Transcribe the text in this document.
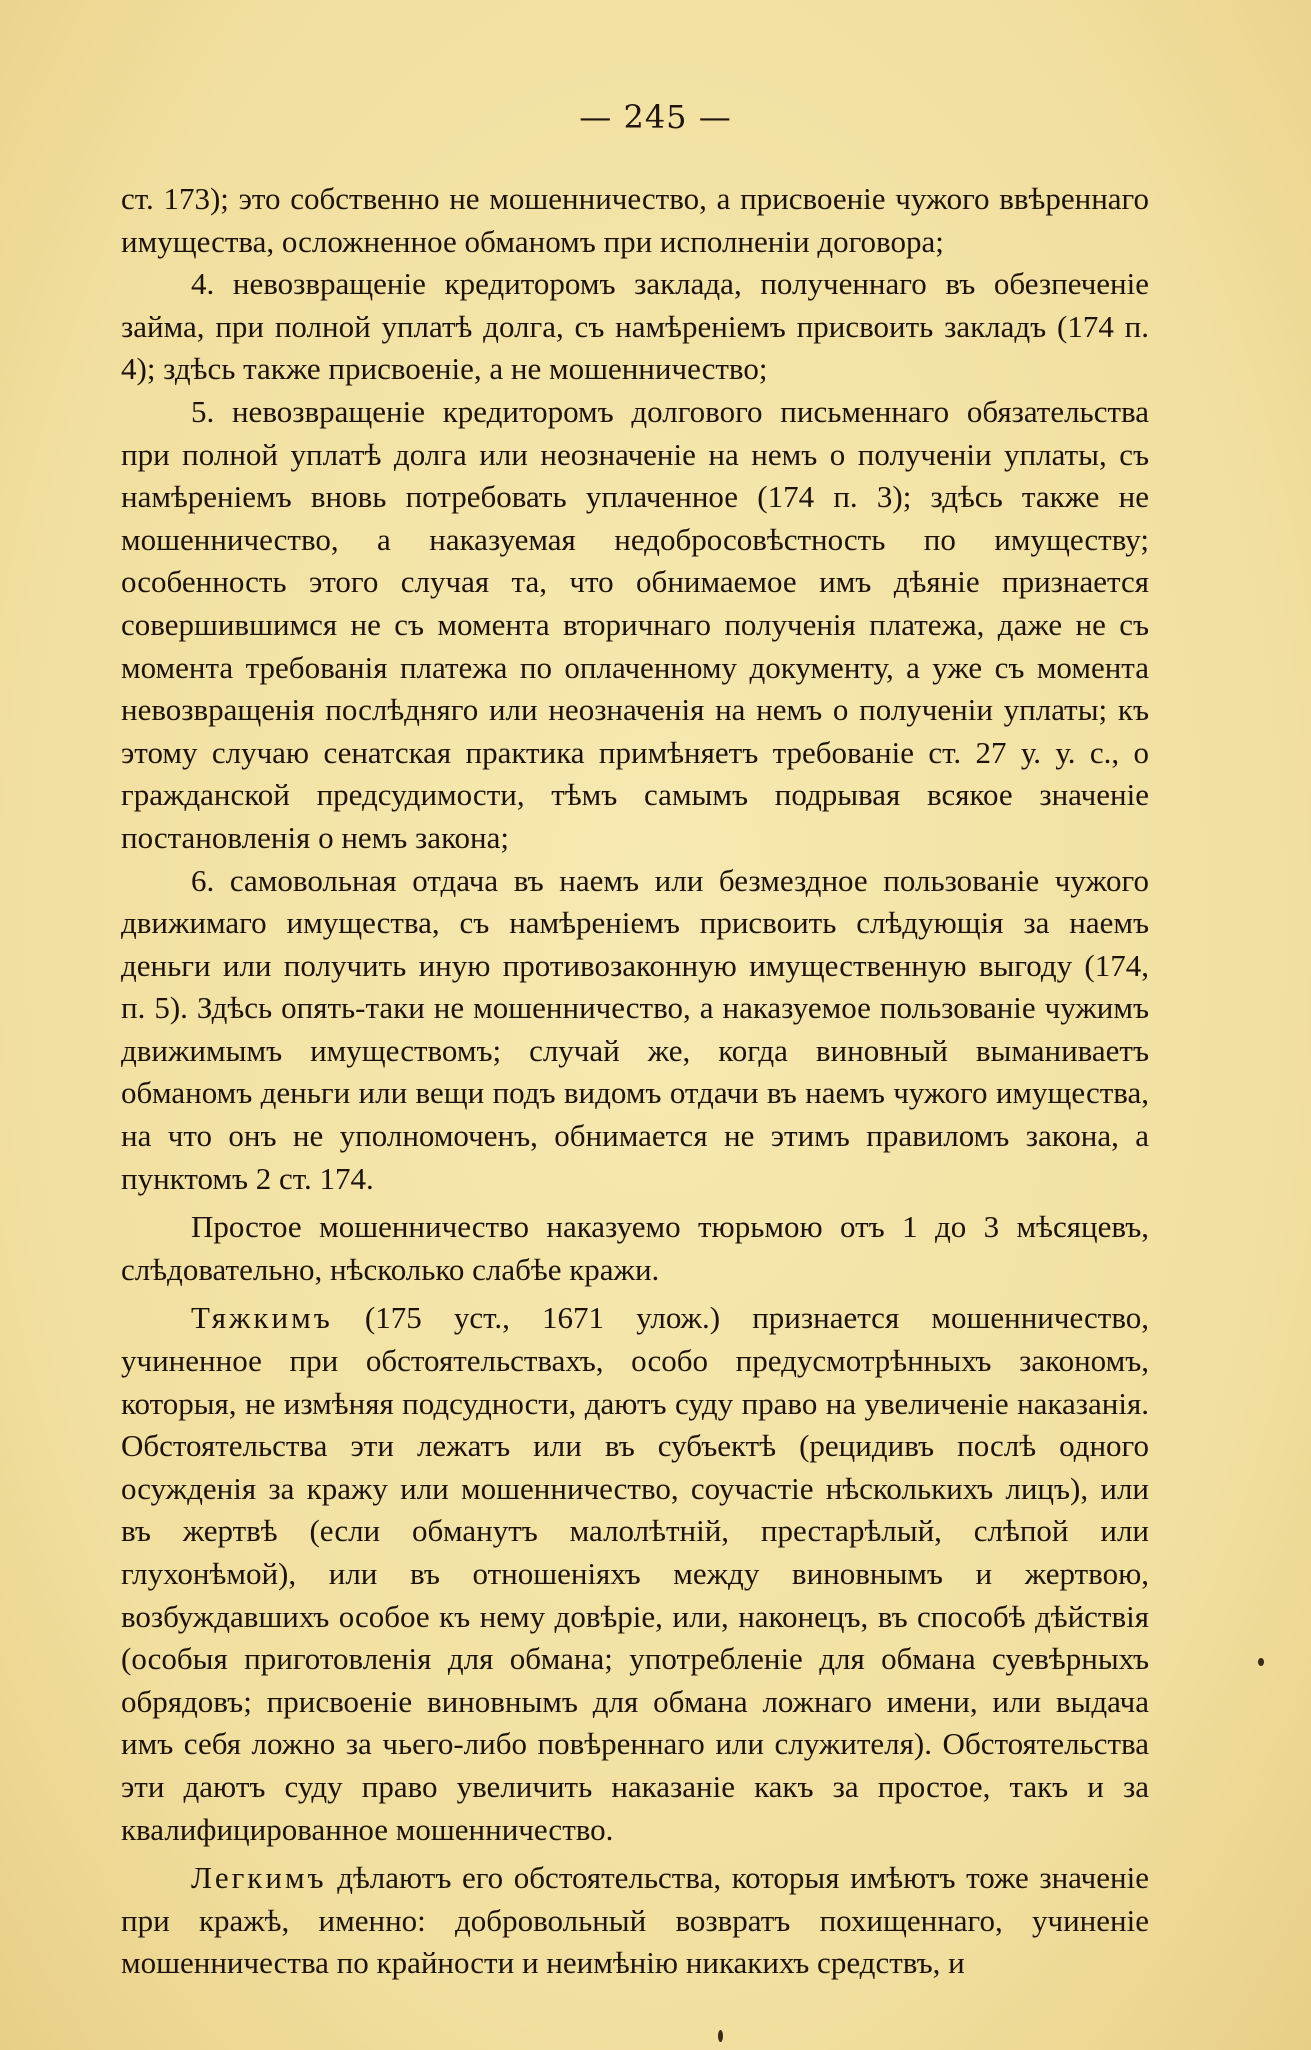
— 245 —

ст. 173); это собственно не мошенничество, а присвоеніе чужого ввѣреннаго имущества, осложненное обманомъ при исполненіи договора;

4. невозвращеніе кредиторомъ заклада, полученнаго въ обезпеченіе займа, при полной уплатѣ долга, съ намѣреніемъ присвоить закладъ (174 п. 4); здѣсь также присвоеніе, а не мошенничество;

5. невозвращеніе кредиторомъ долгового письменнаго обязательства при полной уплатѣ долга или неозначеніе на немъ о полученіи уплаты, съ намѣреніемъ вновь потребовать уплаченное (174 п. 3); здѣсь также не мошенничество, а наказуемая недобросовѣстность по имуществу; особенность этого случая та, что обнимаемое имъ дѣяніе признается совершившимся не съ момента вторичнаго полученія платежа, даже не съ момента требованія платежа по оплаченному документу, а уже съ момента невозвращенія послѣдняго или неозначенія на немъ о полученіи уплаты; къ этому случаю сенатская практика примѣняетъ требованіе ст. 27 у. у. с., о гражданской предсудимости, тѣмъ самымъ подрывая всякое значеніе постановленія о немъ закона;

6. самовольная отдача въ наемъ или безмездное пользованіе чужого движимаго имущества, съ намѣреніемъ присвоить слѣдующія за наемъ деньги или получить иную противозаконную имущественную выгоду (174, п. 5). Здѣсь опять-таки не мошенничество, а наказуемое пользованіе чужимъ движимымъ имуществомъ; случай же, когда виновный выманиваетъ обманомъ деньги или вещи подъ видомъ отдачи въ наемъ чужого имущества, на что онъ не уполномоченъ, обнимается не этимъ правиломъ закона, а пунктомъ 2 ст. 174.

Простое мошенничество наказуемо тюрьмою отъ 1 до 3 мѣсяцевъ, слѣдовательно, нѣсколько слабѣе кражи.

Тяжкимъ (175 уст., 1671 улож.) признается мошенничество, учиненное при обстоятельствахъ, особо предусмотрѣнныхъ закономъ, которыя, не измѣняя подсудности, даютъ суду право на увеличеніе наказанія. Обстоятельства эти лежатъ или въ субъектѣ (рецидивъ послѣ одного осужденія за кражу или мошенничество, соучастіе нѣсколькихъ лицъ), или въ жертвѣ (если обманутъ малолѣтній, престарѣлый, слѣпой или глухонѣмой), или въ отношеніяхъ между виновнымъ и жертвою, возбуждавшихъ особое къ нему довѣріе, или, наконецъ, въ способѣ дѣйствія (особыя приготовленія для обмана; употребленіе для обмана суевѣрныхъ обрядовъ; присвоеніе виновнымъ для обмана ложнаго имени, или выдача имъ себя ложно за чьего-либо повѣреннаго или служителя). Обстоятельства эти даютъ суду право увеличить наказаніе какъ за простое, такъ и за квалифицированное мошенничество.

Легкимъ дѣлаютъ его обстоятельства, которыя имѣютъ тоже значеніе при кражѣ, именно: добровольный возвратъ похищеннаго, учиненіе мошенничества по крайности и неимѣнію никакихъ средствъ, и
